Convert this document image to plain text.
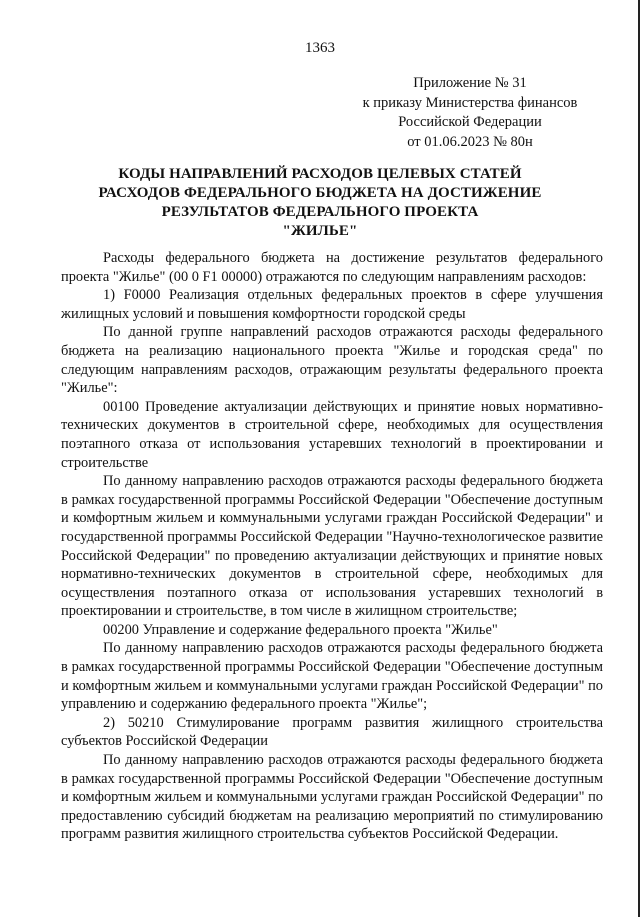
1363
Приложение № 31
к приказу Министерства финансов
Российской Федерации
от 01.06.2023 № 80н
КОДЫ НАПРАВЛЕНИЙ РАСХОДОВ ЦЕЛЕВЫХ СТАТЕЙ
РАСХОДОВ ФЕДЕРАЛЬНОГО БЮДЖЕТА НА ДОСТИЖЕНИЕ
РЕЗУЛЬТАТОВ ФЕДЕРАЛЬНОГО ПРОЕКТА
"ЖИЛЬЕ"

Расходы федерального бюджета на достижение результатов федерального проекта "Жилье" (00 0 F1 00000) отражаются по следующим направлениям расходов:

1) F0000 Реализация отдельных федеральных проектов в сфере улучшения жилищных условий и повышения комфортности городской среды

По данной группе направлений расходов отражаются расходы федерального бюджета на реализацию национального проекта "Жилье и городская среда" по следующим направлениям расходов, отражающим результаты федерального проекта "Жилье":

00100 Проведение актуализации действующих и принятие новых нормативно-технических документов в строительной сфере, необходимых для осуществления поэтапного отказа от использования устаревших технологий в проектировании и строительстве

По данному направлению расходов отражаются расходы федерального бюджета в рамках государственной программы Российской Федерации "Обеспечение доступным и комфортным жильем и коммунальными услугами граждан Российской Федерации" и государственной программы Российской Федерации "Научно-технологическое развитие Российской Федерации" по проведению актуализации действующих и принятие новых нормативно-технических документов в строительной сфере, необходимых для осуществления поэтапного отказа от использования устаревших технологий в проектировании и строительстве, в том числе в жилищном строительстве;

00200 Управление и содержание федерального проекта "Жилье"

По данному направлению расходов отражаются расходы федерального бюджета в рамках государственной программы Российской Федерации "Обеспечение доступным и комфортным жильем и коммунальными услугами граждан Российской Федерации" по управлению и содержанию федерального проекта "Жилье";

2) 50210 Стимулирование программ развития жилищного строительства субъектов Российской Федерации

По данному направлению расходов отражаются расходы федерального бюджета в рамках государственной программы Российской Федерации "Обеспечение доступным и комфортным жильем и коммунальными услугами граждан Российской Федерации" по предоставлению субсидий бюджетам на реализацию мероприятий по стимулированию программ развития жилищного строительства субъектов Российской Федерации.
